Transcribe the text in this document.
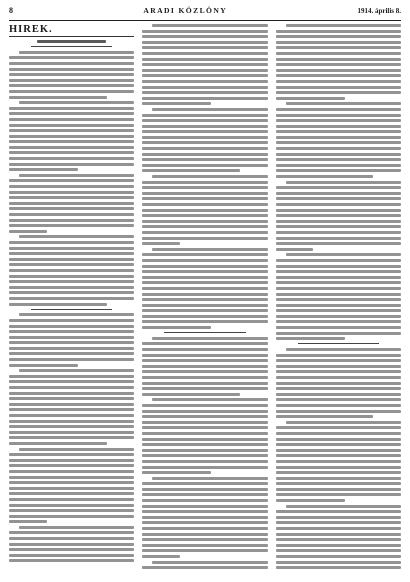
8	ARADI KÖZLÖNY	1914. április 8.
HIREK.
